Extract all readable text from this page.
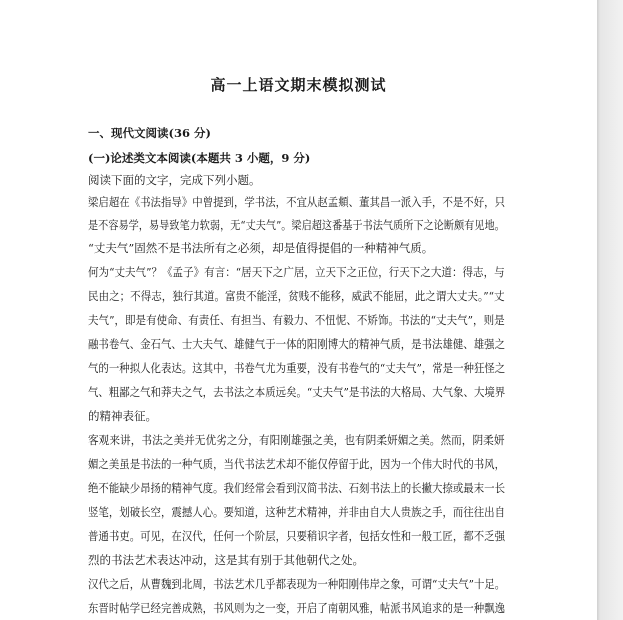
高一上语文期末模拟测试
一、现代文阅读(36 分)
(一)论述类文本阅读(本题共 3 小题，9 分)
阅读下面的文字，完成下列小题。
梁启超在《书法指导》中曾提到，学书法，不宜从赵孟頫、董其昌一派入手，不是不好，只
是不容易学，易导致笔力软弱，无“丈夫气”。梁启超这番基于书法气质所下之论断颇有见地。
“丈夫气”固然不是书法所有之必须，却是值得提倡的一种精神气质。
何为“丈夫气”？《孟子》有言：“居天下之广居，立天下之正位，行天下之大道：得志，与
民由之；不得志，独行其道。富贵不能淫，贫贱不能移，威武不能屈，此之谓大丈夫。”“丈
夫气”，即是有使命、有责任、有担当、有毅力、不忸怩、不矫饰。书法的“丈夫气”，则是
融书卷气、金石气、士大夫气、雄健气于一体的阳刚博大的精神气质，是书法雄健、雄强之
气的一种拟人化表达。这其中，书卷气尤为重要，没有书卷气的“丈夫气”，常是一种狂怪之
气、粗鄙之气和莽夫之气，去书法之本质远矣。“丈夫气”是书法的大格局、大气象、大境界
的精神表征。
客观来讲，书法之美并无优劣之分，有阳刚雄强之美，也有阴柔妍媚之美。然而，阴柔妍
媚之美虽是书法的一种气质，当代书法艺术却不能仅停留于此，因为一个伟大时代的书风，
绝不能缺少昂扬的精神气度。我们经常会看到汉简书法、石刻书法上的长撇大捺或最末一长
竖笔，划破长空，震撼人心。要知道，这种艺术精神，并非由自大人贵族之手，而往往出自
普通书吏。可见，在汉代，任何一个阶层，只要稍识字者，包括女性和一般工匠，都不乏强
烈的书法艺术表达冲动，这是其有别于其他朝代之处。
汉代之后，从曹魏到北周，书法艺术几乎都表现为一种阳刚伟岸之象，可谓“丈夫气”十足。
东晋时帖学已经完善成熟，书风则为之一变，开启了南朝风雅，帖派书风追求的是一种飘逸
